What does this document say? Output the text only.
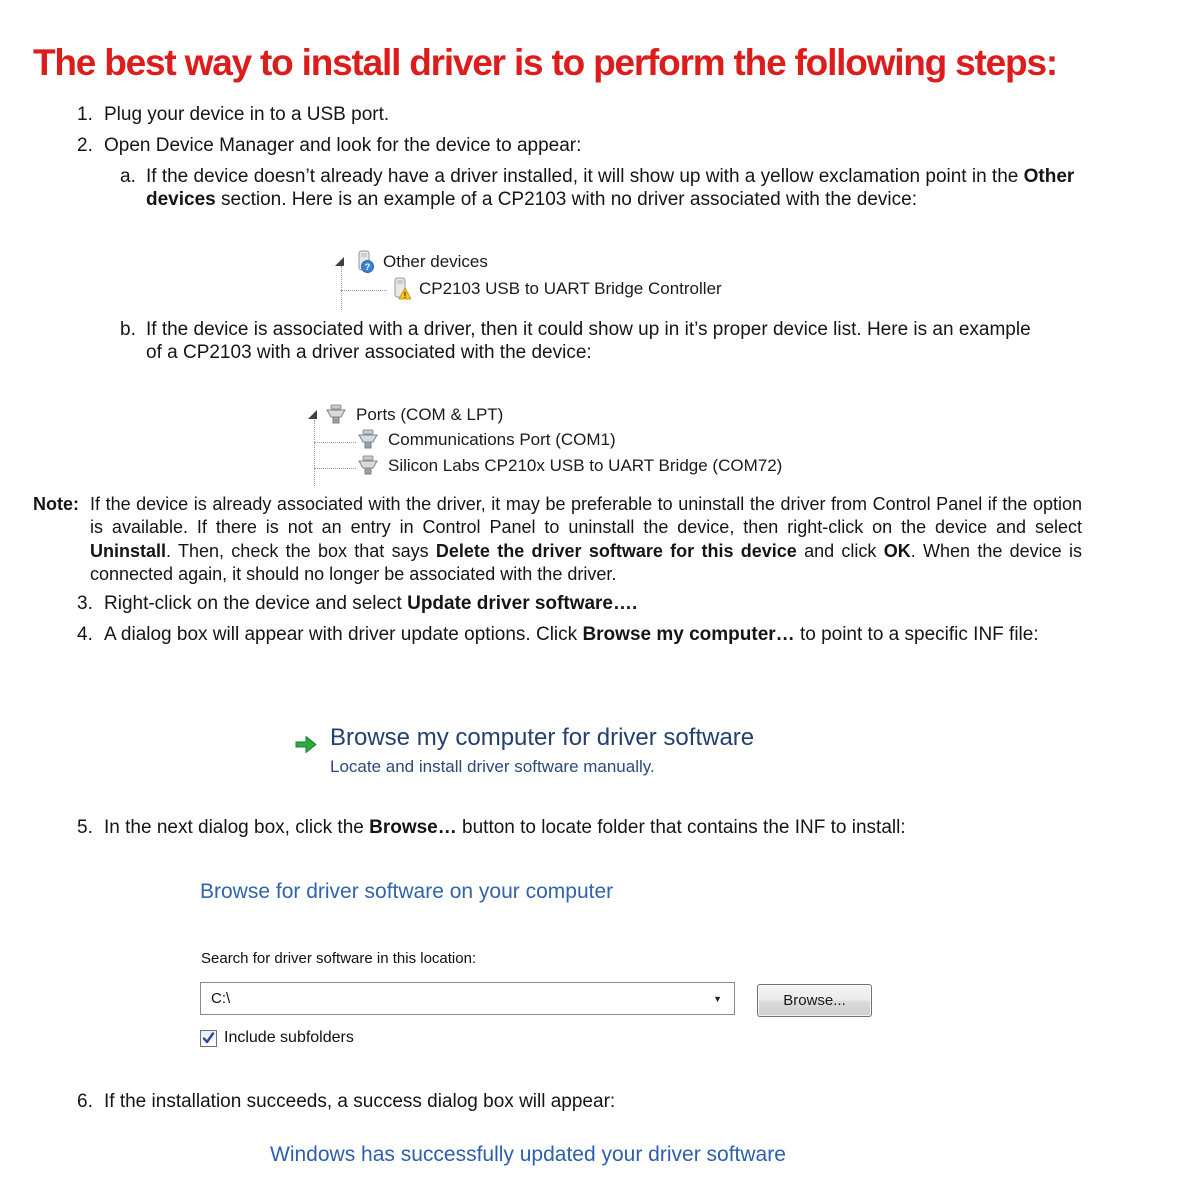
The best way to install driver is to perform the following steps:
1. Plug your device in to a USB port.
2. Open Device Manager and look for the device to appear:
a. If the device doesn’t already have a driver installed, it will show up with a yellow exclamation point in the Other devices section. Here is an example of a CP2103 with no driver associated with the device:
? Other devices
! CP2103 USB to UART Bridge Controller
b. If the device is associated with a driver, then it could show up in it’s proper device list. Here is an example of a CP2103 with a driver associated with the device:
Ports (COM & LPT)
Communications Port (COM1)
Silicon Labs CP210x USB to UART Bridge (COM72)
Note: If the device is already associated with the driver, it may be preferable to uninstall the driver from Control Panel if the option is available. If there is not an entry in Control Panel to uninstall the device, then right-click on the device and select Uninstall. Then, check the box that says Delete the driver software for this device and click OK. When the device is connected again, it should no longer be associated with the driver.
3. Right-click on the device and select Update driver software….
4. A dialog box will appear with driver update options. Click Browse my computer… to point to a specific INF file:
Browse my computer for driver software
Locate and install driver software manually.
5. In the next dialog box, click the Browse… button to locate folder that contains the INF to install:
Browse for driver software on your computer
Search for driver software in this location:
C:\	▼	Browse...
Include subfolders
6. If the installation succeeds, a success dialog box will appear:
Windows has successfully updated your driver software
